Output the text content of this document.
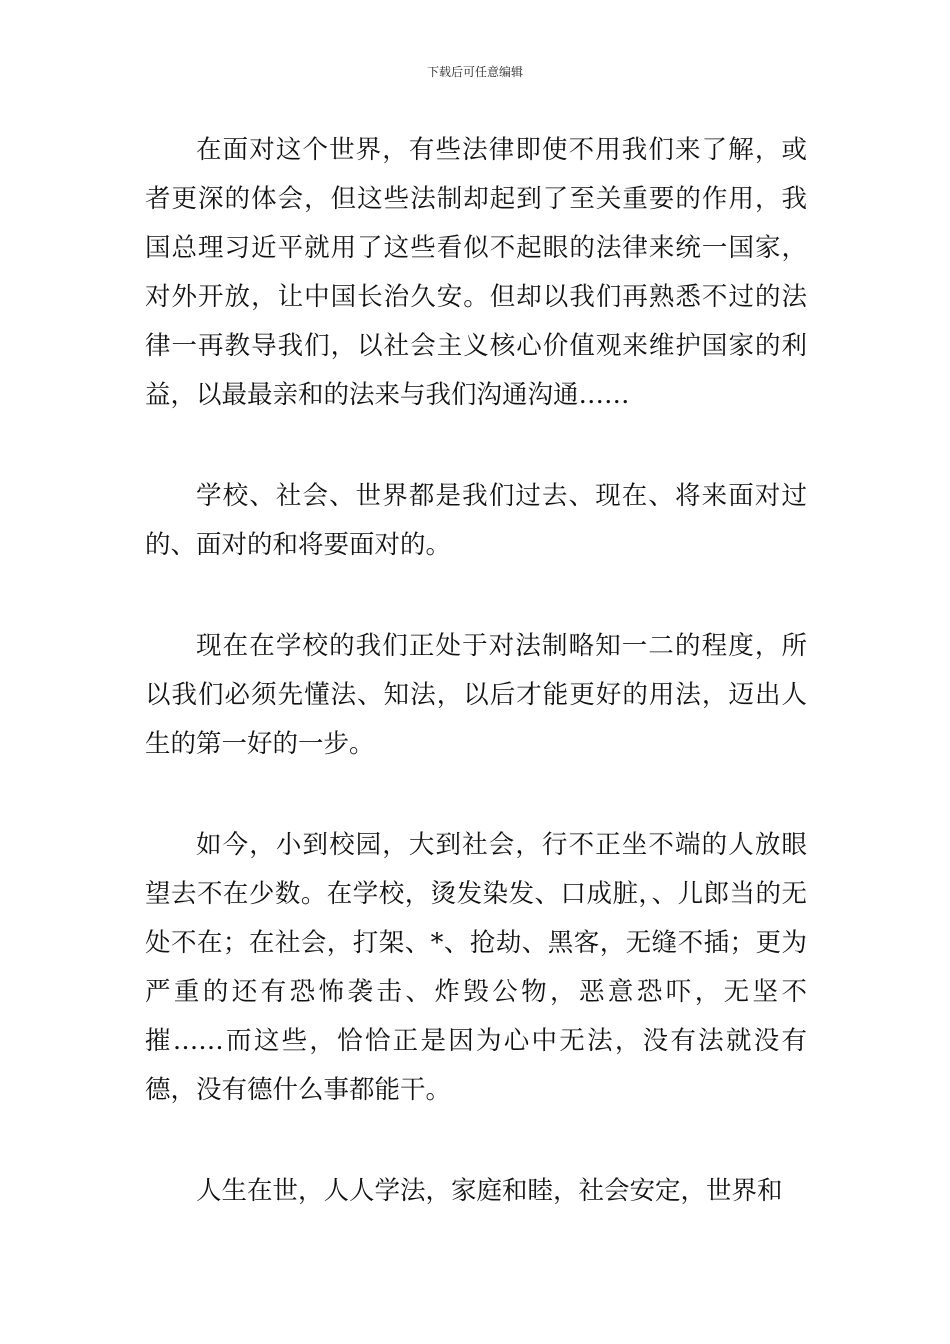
下载后可任意编辑

在面对这个世界，有些法律即使不用我们来了解，或者更深的体会，但这些法制却起到了至关重要的作用，我国总理习近平就用了这些看似不起眼的法律来统一国家，对外开放，让中国长治久安。但却以我们再熟悉不过的法律一再教导我们，以社会主义核心价值观来维护国家的利益，以最最亲和的法来与我们沟通沟通……

学校、社会、世界都是我们过去、现在、将来面对过的、面对的和将要面对的。

现在在学校的我们正处于对法制略知一二的程度，所以我们必须先懂法、知法，以后才能更好的用法，迈出人生的第一好的一步。

如今，小到校园，大到社会，行不正坐不端的人放眼望去不在少数。在学校，烫发染发、口成脏，、儿郎当的无处不在；在社会，打架、*、抢劫、黑客，无缝不插；更为严重的还有恐怖袭击、炸毁公物，恶意恐吓，无坚不摧……而这些，恰恰正是因为心中无法，没有法就没有德，没有德什么事都能干。

人生在世，人人学法，家庭和睦，社会安定，世界和
